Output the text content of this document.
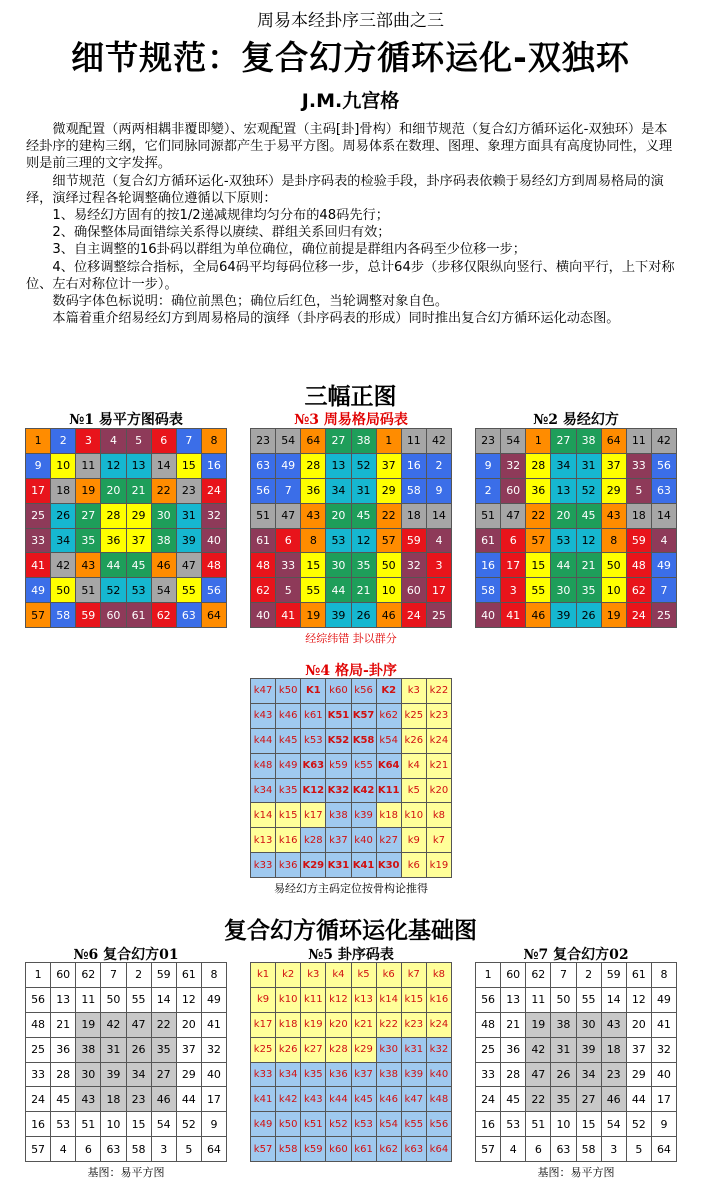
周易本经卦序三部曲之三
细节规范：复合幻方循环运化-双独环
J.M.九宫格

微观配置（两两相耦非覆即變）、宏观配置（主码[卦]骨构）和细节规范（复合幻方循环运化-双独环）是本经卦序的建构三纲，它们同脉同源都产生于易平方图。周易体系在数理、图理、象理方面具有高度协同性，义理则是前三理的文字发挥。

细节规范（复合幻方循环运化-双独环）是卦序码表的检验手段，卦序码表依赖于易经幻方到周易格局的演绎，演绎过程各轮调整确位遵循以下原则：

1、易经幻方固有的按1/2递减规律均匀分布的48码先行；

2、确保整体局面错综关系得以赓续、群组关系回归有效；

3、自主调整的16卦码以群组为单位确位，确位前提是群组内各码至少位移一步；

4、位移调整综合指标，全局64码平均每码位移一步，总计64步（步移仅限纵向竖行、横向平行，上下对称位、左右对称位计一步）。

数码字体色标说明：确位前黑色；确位后红色，当轮调整对象自色。

本篇着重介绍易经幻方到周易格局的演绎（卦序码表的形成）同时推出复合幻方循环运化动态图。

三幅正图
№1 易平方图码表	№3 周易格局码表	№2 易经幻方
1	2	3	4	5	6	7	8
9	10	11	12	13	14	15	16
17	18	19	20	21	22	23	24
25	26	27	28	29	30	31	32
33	34	35	36	37	38	39	40
41	42	43	44	45	46	47	48
49	50	51	52	53	54	55	56
57	58	59	60	61	62	63	64
23	54	64	27	38	1	11	42
63	49	28	13	52	37	16	2
56	7	36	34	31	29	58	9
51	47	43	20	45	22	18	14
61	6	8	53	12	57	59	4
48	33	15	30	35	50	32	3
62	5	55	44	21	10	60	17
40	41	19	39	26	46	24	25
23	54	1	27	38	64	11	42
9	32	28	34	31	37	33	56
2	60	36	13	52	29	5	63
51	47	22	20	45	43	18	14
61	6	57	53	12	8	59	4
16	17	15	44	21	50	48	49
58	3	55	30	35	10	62	7
40	41	46	39	26	19	24	25
经综纬错 卦以群分
№4 格局-卦序
k47	k50	K1	k60	k56	K2	k3	k22
k43	k46	k61	K51	K57	k62	k25	k23
k44	k45	k53	K52	K58	k54	k26	k24
k48	k49	K63	k59	k55	K64	k4	k21
k34	k35	K12	K32	K42	K11	k5	k20
k14	k15	k17	k38	k39	k18	k10	k8
k13	k16	k28	k37	k40	k27	k9	k7
k33	k36	K29	K31	K41	K30	k6	k19
易经幻方主码定位按骨构论推得
复合幻方循环运化基础图
№6 复合幻方01	№5 卦序码表	№7 复合幻方02
1	60	62	7	2	59	61	8
56	13	11	50	55	14	12	49
48	21	19	42	47	22	20	41
25	36	38	31	26	35	37	32
33	28	30	39	34	27	29	40
24	45	43	18	23	46	44	17
16	53	51	10	15	54	52	9
57	4	6	63	58	3	5	64
k1	k2	k3	k4	k5	k6	k7	k8
k9	k10	k11	k12	k13	k14	k15	k16
k17	k18	k19	k20	k21	k22	k23	k24
k25	k26	k27	k28	k29	k30	k31	k32
k33	k34	k35	k36	k37	k38	k39	k40
k41	k42	k43	k44	k45	k46	k47	k48
k49	k50	k51	k52	k53	k54	k55	k56
k57	k58	k59	k60	k61	k62	k63	k64
1	60	62	7	2	59	61	8
56	13	11	50	55	14	12	49
48	21	19	38	30	43	20	41
25	36	42	31	39	18	37	32
33	28	47	26	34	23	29	40
24	45	22	35	27	46	44	17
16	53	51	10	15	54	52	9
57	4	6	63	58	3	5	64
基图：易平方图	基图：易平方图
